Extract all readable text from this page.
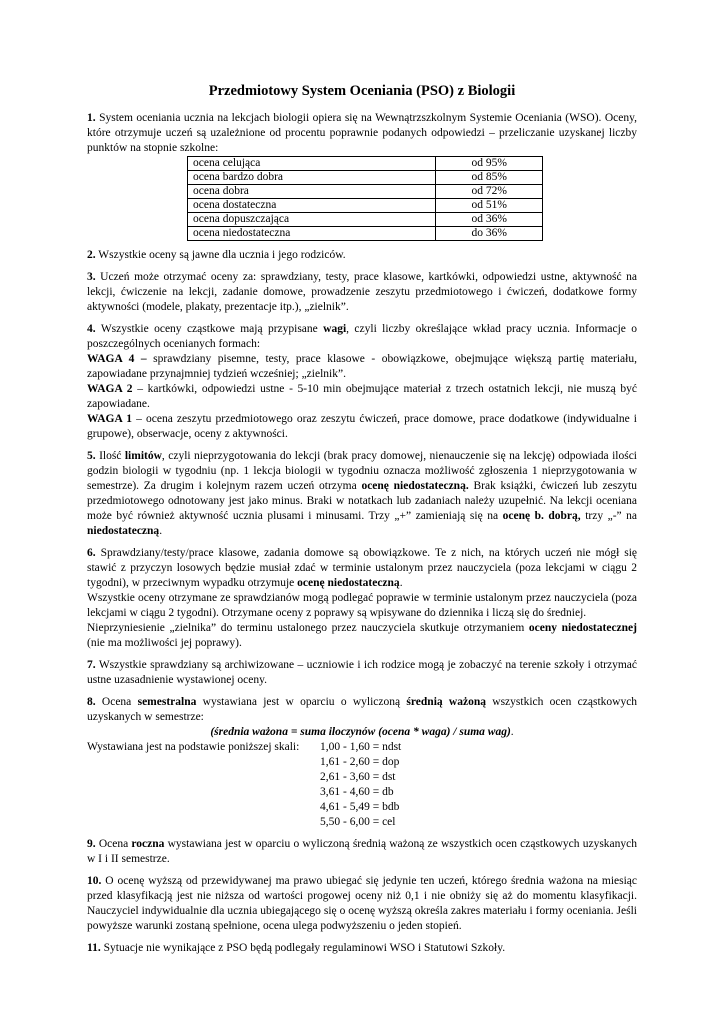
Przedmiotowy System Oceniania (PSO) z Biologii

1. System oceniania ucznia na lekcjach biologii opiera się na Wewnątrzszkolnym Systemie Oceniania (WSO). Oceny, które otrzymuje uczeń są uzależnione od procentu poprawnie podanych odpowiedzi – przeliczanie uzyskanej liczby punktów na stopnie szkolne:

ocena celująca	od 95%
ocena bardzo dobra	od 85%
ocena dobra	od 72%
ocena dostateczna	od 51%
ocena dopuszczająca	od 36%
ocena niedostateczna	do 36%

2. Wszystkie oceny są jawne dla ucznia i jego rodziców.

3. Uczeń może otrzymać oceny za: sprawdziany, testy, prace klasowe, kartkówki, odpowiedzi ustne, aktywność na lekcji, ćwiczenie na lekcji, zadanie domowe, prowadzenie zeszytu przedmiotowego i ćwiczeń, dodatkowe formy aktywności (modele, plakaty, prezentacje itp.), „zielnik”.

4. Wszystkie oceny cząstkowe mają przypisane wagi, czyli liczby określające wkład pracy ucznia. Informacje o poszczególnych ocenianych formach:
WAGA 4 – sprawdziany pisemne, testy, prace klasowe - obowiązkowe, obejmujące większą partię materiału, zapowiadane przynajmniej tydzień wcześniej; „zielnik”.
WAGA 2 – kartkówki, odpowiedzi ustne - 5-10 min obejmujące materiał z trzech ostatnich lekcji, nie muszą być zapowiadane.
WAGA 1 – ocena zeszytu przedmiotowego oraz zeszytu ćwiczeń, prace domowe, prace dodatkowe (indywidualne i grupowe), obserwacje, oceny z aktywności.

5. Ilość limitów, czyli nieprzygotowania do lekcji (brak pracy domowej, nienauczenie się na lekcję) odpowiada ilości godzin biologii w tygodniu (np. 1 lekcja biologii w tygodniu oznacza możliwość zgłoszenia 1 nieprzygotowania w semestrze). Za drugim i kolejnym razem uczeń otrzyma ocenę niedostateczną. Brak książki, ćwiczeń lub zeszytu przedmiotowego odnotowany jest jako minus. Braki w notatkach lub zadaniach należy uzupełnić. Na lekcji oceniana może być również aktywność ucznia plusami i minusami. Trzy „+” zamieniają się na ocenę b. dobrą, trzy „-” na niedostateczną.

6. Sprawdziany/testy/prace klasowe, zadania domowe są obowiązkowe. Te z nich, na których uczeń nie mógł się stawić z przyczyn losowych będzie musiał zdać w terminie ustalonym przez nauczyciela (poza lekcjami w ciągu 2 tygodni), w przeciwnym wypadku otrzymuje ocenę niedostateczną.
Wszystkie oceny otrzymane ze sprawdzianów mogą podlegać poprawie w terminie ustalonym przez nauczyciela (poza lekcjami w ciągu 2 tygodni). Otrzymane oceny z poprawy są wpisywane do dziennika i liczą się do średniej.
Nieprzyniesienie „zielnika” do terminu ustalonego przez nauczyciela skutkuje otrzymaniem oceny niedostatecznej (nie ma możliwości jej poprawy).

7. Wszystkie sprawdziany są archiwizowane – uczniowie i ich rodzice mogą je zobaczyć na terenie szkoły i otrzymać ustne uzasadnienie wystawionej oceny.

8. Ocena semestralna wystawiana jest w oparciu o wyliczoną średnią ważoną wszystkich ocen cząstkowych uzyskanych w semestrze:
(średnia ważona = suma iloczynów (ocena * waga) / suma wag).
Wystawiana jest na podstawie poniższej skali:	1,00 - 1,60 = ndst
1,61 - 2,60 = dop
2,61 - 3,60 = dst
3,61 - 4,60 = db
4,61 - 5,49 = bdb
5,50 - 6,00 = cel

9. Ocena roczna wystawiana jest w oparciu o wyliczoną średnią ważoną ze wszystkich ocen cząstkowych uzyskanych w I i II semestrze.

10. O ocenę wyższą od przewidywanej ma prawo ubiegać się jedynie ten uczeń, którego średnia ważona na miesiąc przed klasyfikacją jest nie niższa od wartości progowej oceny niż 0,1 i nie obniży się aż do momentu klasyfikacji. Nauczyciel indywidualnie dla ucznia ubiegającego się o ocenę wyższą określa zakres materiału i formy oceniania. Jeśli powyższe warunki zostaną spełnione, ocena ulega podwyższeniu o jeden stopień.

11. Sytuacje nie wynikające z PSO będą podlegały regulaminowi WSO i Statutowi Szkoły.
